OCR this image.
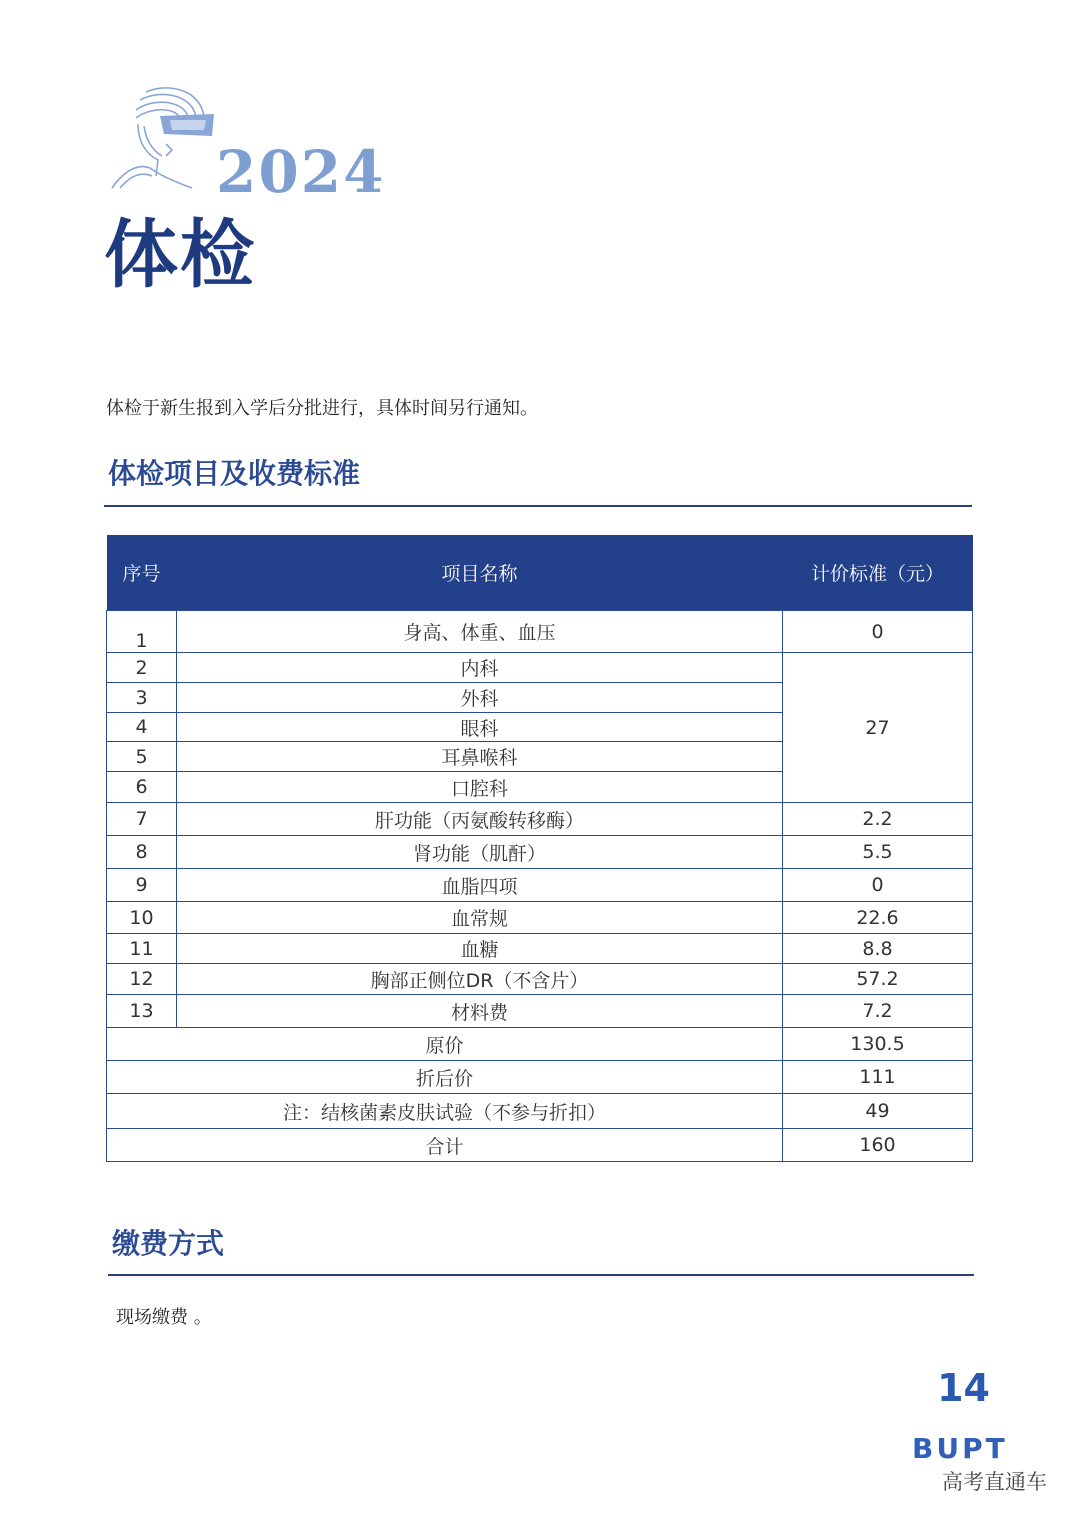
2024
体检
体检于新生报到入学后分批进行，具体时间另行通知。
体检项目及收费标准
序号	项目名称	计价标准（元）

1	身高、体重、血压	0
2	内科	27
3	外科	
4	眼科	
5	耳鼻喉科	
6	口腔科	
7	肝功能（丙氨酸转移酶）	2.2
8	肾功能（肌酐）	5.5
9	血脂四项	0
10	血常规	22.6
11	血糖	8.8
12	胸部正侧位DR（不含片）	57.2
13	材料费	7.2
原价		130.5
折后价		111
注：结核菌素皮肤试验（不参与折扣）		49
合计		160
缴费方式
现场缴费 。
14
BUPT
高考直通车
